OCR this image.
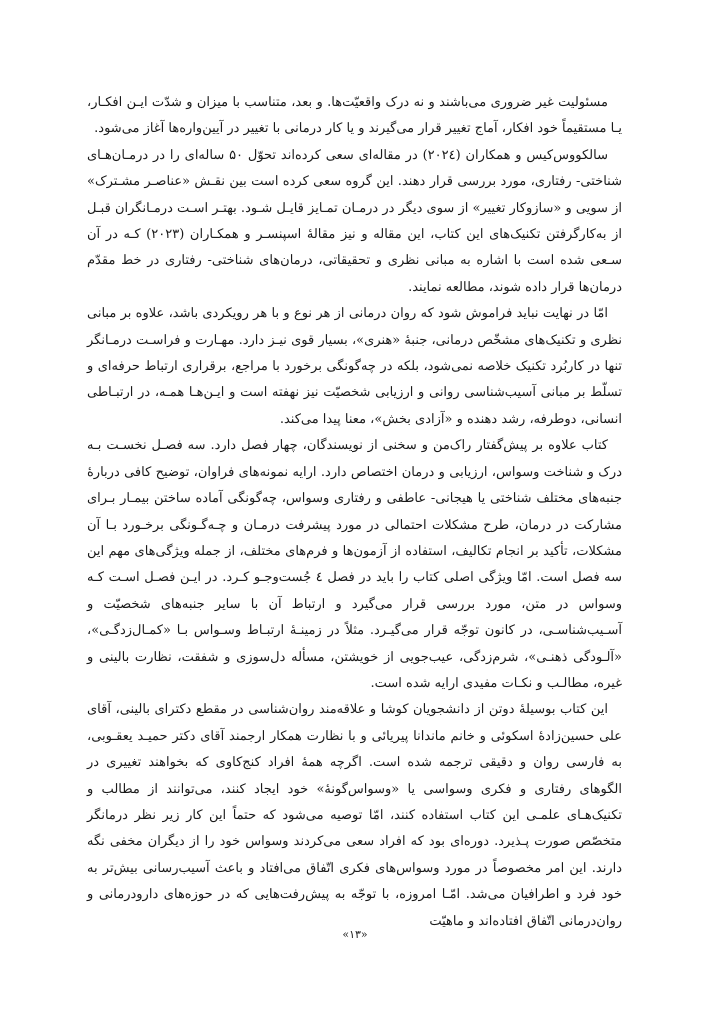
مسئولیت غیر ضروری می‌باشند و نه درک واقعیّت‌ها. و بعد، متناسب با میزان و شدّت ایـن افکـار، یـا مستقیماً خود افکار، آماج تغییر قرار می‌گیرند و یا کار درمانی با تغییر در آیین‌واره‌ها آغاز می‌شود.

سالکووس‌کیس و همکاران (۲۰۲٤) در مقاله‌ای سعی کرده‌اند تحوّل ۵۰ ساله‌ای را در درمـان‌هـای شناختی- رفتاری، مورد بررسی قرار دهند. این گروه سعی کرده است بین نقـش «عناصـر مشـترک» از سویی و «سازوکار تغییر» از سوی دیگر در درمـان تمـایز قایـل شـود. بهتـر اسـت درمـانگران قبـل از به‌کارگرفتن تکنیک‌های این کتاب، این مقاله و نیز مقالهٔ اسپنسـر و همکـاران (۲۰۲۳) کـه در آن سـعی شده است با اشاره به مبانی نظری و تحقیقاتی، درمان‌های شناختی- رفتاری در خط مقدّم درمان‌ها قرار داده شوند، مطالعه نمایند.

امّا در نهایت نباید فراموش شود که روان درمانی از هر نوع و با هر رویکردی باشد، علاوه بر مبانی نظری و تکنیک‌های مشخّص درمانی، جنبهٔ «هنری»، بسیار قوی نیـز دارد. مهـارت و فراسـت درمـانگر تنها در کاربُرد تکنیک خلاصه نمی‌شود، بلکه در چه‌گونگی برخورد با مراجع، برقراری ارتباط حرفه‌ای و تسلّط بر مبانی آسیب‌شناسی روانی و ارزیابی شخصیّت نیز نهفته است و ایـن‌هـا همـه، در ارتبـاطی انسانی، دوطرفه، رشد دهنده و «آزادی بخش»، معنا پیدا می‌کند.

کتاب علاوه بر پیش‌گفتار راک‌من و سخنی از نویسندگان، چهار فصل دارد. سه فصـل نخسـت بـه درک و شناخت وسواس، ارزیابی و درمان اختصاص دارد. ارایه نمونه‌های فراوان، توضیح کافی دربارهٔ جنبه‌های مختلف شناختی یا هیجانی- عاطفی و رفتاری وسواس، چه‌گونگی آماده ساختن بیمـار بـرای مشارکت در درمان، طرح مشکلات احتمالی در مورد پیشرفت درمـان و چـه‌گـونگی برخـورد بـا آن مشکلات، تأکید بر انجام تکالیف، استفاده از آزمون‌ها و فرم‌های مختلف، از جمله ویژگی‌های مهم این سه فصل است. امّا ویژگی اصلی کتاب را باید در فصل ٤ جُست‌وجـو کـرد. در ایـن فصـل اسـت کـه وسواس در متن، مورد بررسی قرار می‌گیرد و ارتباط آن با سایر جنبه‌های شخصیّت و آسـیب‌شناسـی، در کانون توجّه قرار می‌گیـرد. مثلاً در زمینـهٔ ارتبـاط وسـواس بـا «کمـال‌زدگـی»، «آلـودگی ذهنـی»، شرم‌زدگی، عیب‌جویی از خویشتن، مسأله دل‌سوزی و شفقت، نظارت بالینی و غیره، مطالـب و نکـات مفیدی ارایه شده است.

این کتاب بوسیلهٔ دوتن از دانشجویان کوشا و علاقه‌مند روان‌شناسی در مقطع دکترای بالینی، آقای علی حسین‌زادهٔ اسکوئی و خانم ماندانا پیریائی و با نظارت همکار ارجمند آقای دکتر حمیـد یعقـوبی، به فارسی روان و دقیقی ترجمه شده است. اگرچه همهٔ افراد کنج‌کاوی که بخواهند تغییری در الگوهای رفتاری و فکری وسواسی یا «وسواس‌گونهٔ» خود ایجاد کنند، می‌توانند از مطالب و تکنیک‌هـای علمـی این کتاب استفاده کنند، امّا توصیه می‌شود که حتماً این کار زیر نظر درمانگر متخصّص صورت پـذیرد. دوره‌ای بود که افراد سعی می‌کردند وسواس خود را از دیگران مخفی نگه دارند. این امر مخصوصاً در مورد وسواس‌های فکری اتّفاق می‌افتاد و باعث آسیب‌رسانی بیش‌تر به خود فرد و اطرافیان می‌شد. امّـا امروزه، با توجّه به پیش‌رفت‌هایی که در حوزه‌های دارودرمانی و روان‌درمانی اتّفاق افتاده‌اند و ماهیّت

«۱۳»
